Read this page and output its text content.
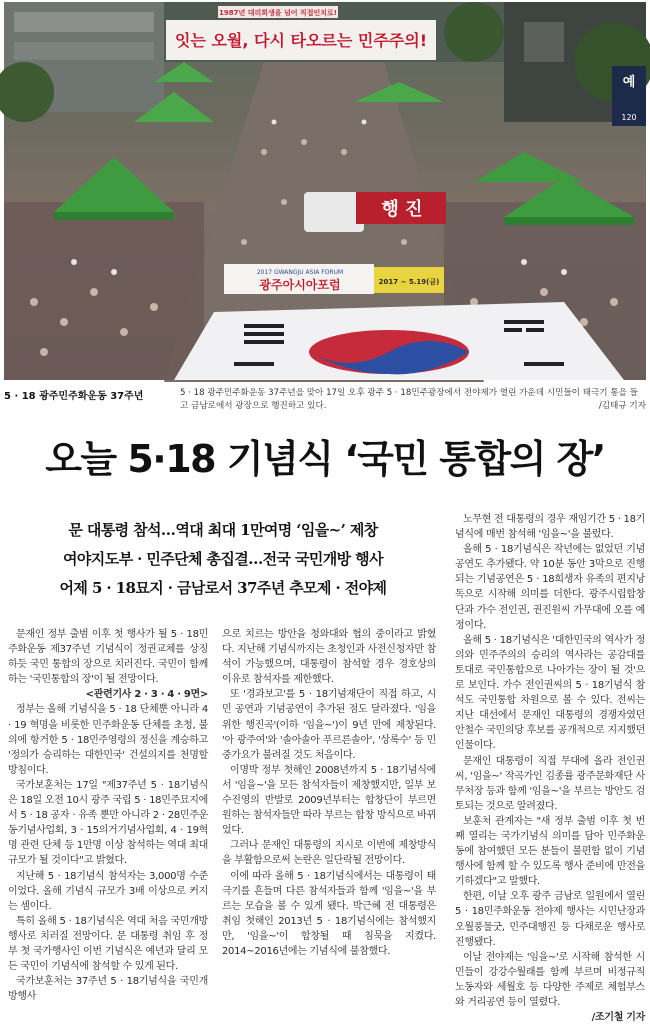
1987년 대리희생을 넘어 직접인치로!
잇는 오월, 다시 타오르는 민주주의!
행 진
2017 GWANGJU ASIA FORUM
광주아시아포럼	2017 ~ 5.19(금)
예
120
5 · 18 광주민주화운동 37주년	5 · 18 광주민주화운동 37주년을 맞아 17일 오후 광주 5 · 18민주광장에서 전야제가 열린 가운데 시민들이 태극기 통을 들고 금남로에서 광장으로 행진하고 있다.	/김태규 기자
오늘 5·18 기념식 ‘국민 통합의 장’
문 대통령 참석…역대 최대 1만여명 ‘임을~’ 제창
여야지도부 · 민주단체 총집결…전국 국민개방 행사
어제 5 · 18묘지 · 금남로서 37주년 추모제 · 전야제

문재인 정부 출범 이후 첫 행사가 될 5 · 18민주화운동 제37주년 기념식이 정권교체를 상징하듯 국민 통합의 장으로 치러진다. 국민이 함께하는 '국민통합의 장'이 될 전망이다.

<관련기사 2 · 3 · 4 · 9면>

정부는 올해 기념식을 5 · 18 단체뿐 아니라 4 · 19 혁명을 비롯한 민주화운동 단체를 초청, 불의에 항거한 5 · 18민주영령의 정신을 계승하고 '정의가 승리하는 대한민국' 건설의지를 천명할 방침이다.

국가보훈처는 17일 "제37주년 5 · 18기념식은 18일 오전 10시 광주 국립 5 · 18민주묘지에서 5 · 18 공자 · 유족 뿐만 아니라 2 · 28민주운동기념사업회, 3 · 15의거기념사업회, 4 · 19혁명 관련 단체 등 1만명 이상 참석하는 역대 최대규모가 될 것이다"고 밝혔다.

지난해 5 · 18기념식 참석자는 3,000명 수준이었다. 올해 기념식 규모가 3배 이상으로 커지는 셈이다.

특히 올해 5 · 18기념식은 역대 처음 국민개방 행사로 치러질 전망이다. 문 대통령 취임 후 정부 첫 국가행사인 이번 기념식은 예년과 달리 모든 국민이 기념식에 참석할 수 있게 된다.

국가보훈처는 37주년 5 · 18기념식을 국민개방행사

으로 치르는 방안을 청와대와 협의 중이라고 밝혔다. 지난해 기념식까지는 초청인과 사전신청자만 참석이 가능했으며, 대통령이 참석할 경우 경호상의 이유로 참석자를 제한했다.

또 '경과보고'를 5 · 18기념재단이 직접 하고, 시민 공연과 기념공연이 추가된 점도 달라졌다. '임을 위한 행진곡'(이하 '임을~')이 9년 만에 제창된다. '아 광주여'와 '솔아솔아 푸르른솔아', '상록수' 등 민중가요가 불려질 것도 처음이다.

이명박 정부 첫해인 2008년까지 5 · 18기념식에서 '임을~'을 모든 참석자들이 제창했지만, 일부 보수진영의 반발로 2009년부터는 합창단이 부르면 원하는 참석자들만 따라 부르는 합창 방식으로 바뀌었다.

그러나 문재인 대통령의 지시로 이번에 제창방식을 부활함으로써 논란은 일단락될 전망이다.

이에 따라 올해 5 · 18기념식에서는 대통령이 태극기를 흔들며 다른 참석자들과 함께 '임을~'을 부르는 모습을 볼 수 있게 됐다. 박근혜 전 대통령은 취임 첫해인 2013년 5 · 18기념식에는 참석했지만, '임을~'이 합창될 때 침묵을 지켰다. 2014~2016년에는 기념식에 불참했다.

노무현 전 대통령의 경우 재임기간 5 · 18기념식에 매번 참석해 '임을~'을 불렀다.

올해 5 · 18기념식은 작년에는 없었던 기념공연도 추가됐다. 약 10분 동안 3막으로 진행되는 기념공연은 5 · 18희생자 유족의 편지낭독으로 시작해 의미를 더한다. 광주시립합창단과 가수 전인권, 권진원씨 가무대에 오를 예정이다.

올해 5 · 18기념식은 '대한민국의 역사가 정의와 민주주의의 승리의 역사라는 공감대를 토대로 국민통합으로 나아가는 장이 될 것'으로 보인다. 가수 전인권씨의 5 · 18기념식 참석도 국민통합 차원으로 볼 수 있다. 전씨는 지난 대선에서 문재인 대통령의 경쟁자였던 안철수 국민의당 후보를 공개적으로 지지했던 인물이다.

문재인 대통령이 직접 무대에 올라 전인권씨, '임을~' 작곡가인 김종률 광주문화재단 사무처장 등과 함께 '임을~'을 부르는 방안도 검토되는 것으로 알려졌다.

보훈처 관계자는 "새 정부 출범 이후 첫 번째 열리는 국가기념식 의미를 담아 민주화운동에 참여했던 모든 분들이 불편함 없이 기념행사에 함께 할 수 있도록 행사 준비에 만전을 기하겠다"고 말했다.

한편, 이날 오후 광주 금남로 일원에서 열린 5 · 18민주화운동 전야제 행사는 시민난장과 오월풍물굿, 민주대행진 등 다채로운 행사로 진행됐다.

이날 전야제는 '임을~'로 시작해 참석한 시민들이 강강수월래를 함께 부르며 비정규직 노동자와 세월호 등 다양한 주제로 체험부스와 거리공연 등이 열렸다.

/조기철 기자
